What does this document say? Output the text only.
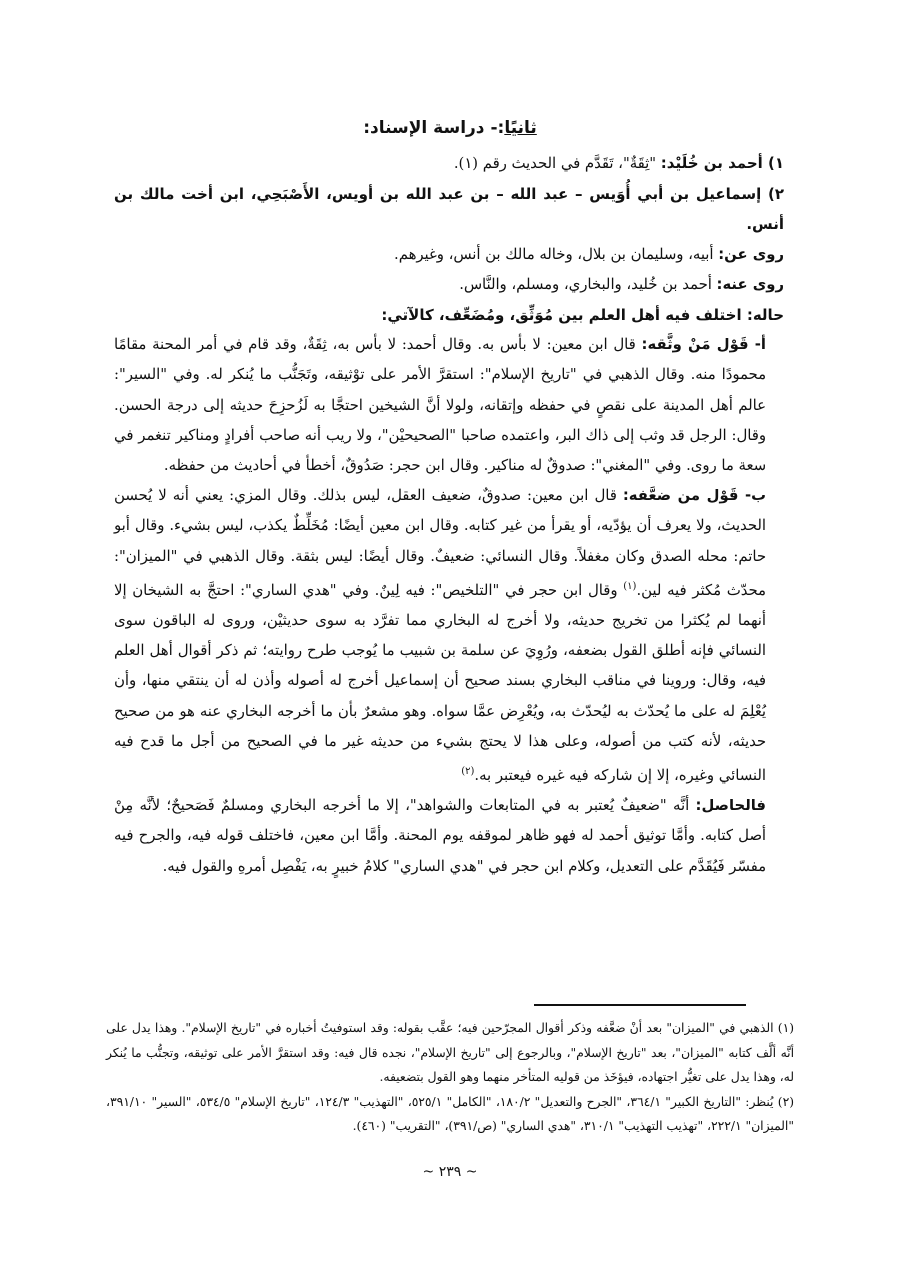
ثانيًا:- دراسة الإسناد:

١) أحمد بن خُلَيْد: "ثِقَةٌ"، تَقَدَّم في الحديث رقم (١).

٢) إسماعيل بن أبي أُوَيس – عبد الله – بن عبد الله بن أويس، الأَصْبَحِي، ابن أخت مالك بن أنس.

روى عن: أبيه، وسليمان بن بلال، وخاله مالك بن أنس، وغيرهم.

روى عنه: أحمد بن خُليد، والبخاري، ومسلم، والنَّاس.

حاله: اختلف فيه أهل العلم بين مُوَثِّق، ومُضَعِّف، كالآتي:

أ- قَوْل مَنْ وثَّقه: قال ابن معين: لا بأس به. وقال أحمد: لا بأس به، ثِقَةٌ، وقد قام في أمر المحنة مقامًا محمودًا منه. وقال الذهبي في "تاريخ الإسلام": استقرَّ الأمر على توْثيقه، وتَجَنُّب ما يُنكر له. وفي "السير": عالم أهل المدينة على نقصٍ في حفظه وإتقانه، ولولا أنَّ الشيخين احتجَّا به لَزُحزِحَ حديثه إلى درجة الحسن. وقال: الرجل قد وثب إلى ذاك البر، واعتمده صاحبا "الصحيحيْن"، ولا ريب أنه صاحب أفرادٍ ومناكير تنغمر في سعة ما روى. وفي "المغني": صدوقٌ له مناكير. وقال ابن حجر: صَدُوقٌ، أخطأ في أحاديث من حفظه.

ب- قَوْل من ضعَّفه: قال ابن معين: صدوقٌ، ضعيف العقل، ليس بذلك. وقال المزي: يعني أنه لا يُحسن الحديث، ولا يعرف أن يؤدّيه، أو يقرأ من غير كتابه. وقال ابن معين أيضًا: مُخَلِّطٌ يكذب، ليس بشيء. وقال أبو حاتم: محله الصدق وكان مغفلاً. وقال النسائي: ضعيفٌ. وقال أيضًا: ليس بثقة. وقال الذهبي في "الميزان": محدّث مُكثر فيه لين.$^{(١)}$ وقال ابن حجر في "التلخيص": فيه لِينٌ. وفي "هدي الساري": احتجَّ به الشيخان إلا أنهما لم يُكثرا من تخريج حديثه، ولا أخرج له البخاري مما تفرَّد به سوى حديثيْن، وروى له الباقون سوى النسائي فإنه أطلق القول بضعفه، ورُوِيَ عن سلمة بن شبيب ما يُوجب طرح روايته؛ ثم ذكر أقوال أهل العلم فيه، وقال: وروينا في مناقب البخاري بسند صحيح أن إسماعيل أخرج له أصوله وأذن له أن ينتقي منها، وأن يُعْلِمَ له على ما يُحدّث به ليُحدّث به، ويُعْرِض عمَّا سواه. وهو مشعرٌ بأن ما أخرجه البخاري عنه هو من صحيح حديثه، لأنه كتب من أصوله، وعلى هذا لا يحتج بشيء من حديثه غير ما في الصحيح من أجل ما قدح فيه النسائي وغيره، إلا إن شاركه فيه غيره فيعتبر به.$^{(٢)}$

فالحاصل: أنَّه "ضعيفٌ يُعتبر به في المتابعات والشواهد"، إلا ما أخرجه البخاري ومسلمٌ فَصَحيحٌ؛ لأنَّه مِنْ أصل كتابه. وأمَّا توثيق أحمد له فهو ظاهر لموقفه يوم المحنة. وأمَّا ابن معين، فاختلف قوله فيه، والجرح فيه مفسّر فَيُقَدَّم على التعديل، وكلام ابن حجر في "هدي الساري" كلامُ خبيرٍ به، يَفْصِل أمرهِ والقول فيه.

(١) الذهبي في "الميزان" بعد أنْ ضعَّفه وذكر أقوال المجرّحين فيه؛ عقَّب بقوله: وقد استوفيتُ أخباره في "تاريخ الإسلام". وهذا يدل على أنَّه ألَّف كتابه "الميزان"، بعد "تاريخ الإسلام"، وبالرجوع إلى "تاريخ الإسلام"، نجده قال فيه: وقد استقرَّ الأمر على توثيقه، وتجنُّب ما يُنكر له، وهذا يدل على تغيُّر اجتهاده، فيؤخَذ من قوليه المتأخر منهما وهو القول بتضعيفه.

(٢) يُنظر: "التاريخ الكبير" ٣٦٤/١، "الجرح والتعديل" ١٨٠/٢، "الكامل" ٥٢٥/١، "التهذيب" ١٢٤/٣، "تاريخ الإسلام" ٥٣٤/٥، "السير" ٣٩١/١٠، "الميزان" ٢٢٢/١، "تهذيب التهذيب" ٣١٠/١، "هدي الساري" (ص/٣٩١)، "التقريب" (٤٦٠).

~ ٢٣٩ ~
